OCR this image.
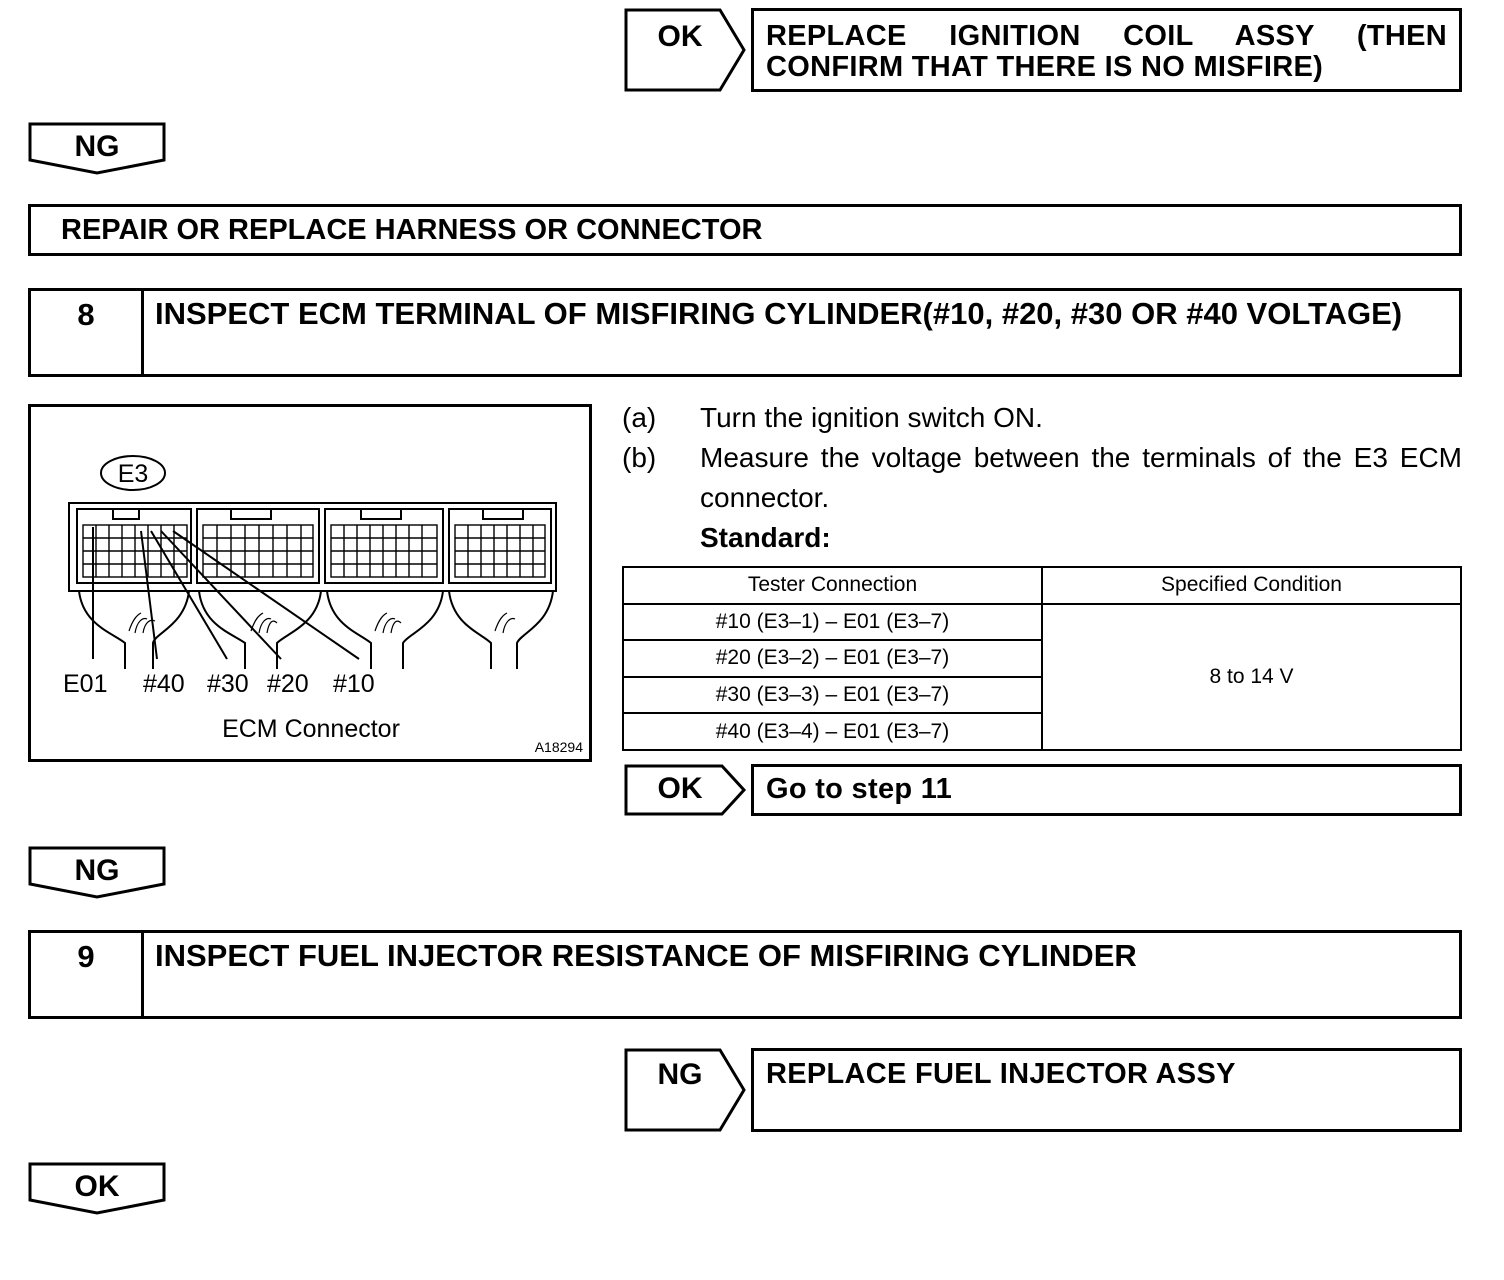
OK	REPLACE IGNITION COIL ASSY (THEN CONFIRM THAT THERE IS NO MISFIRE)
NG
REPAIR OR REPLACE HARNESS OR CONNECTOR
8	INSPECT ECM TERMINAL OF MISFIRING CYLINDER(#10, #20, #30 OR #40 VOLTAGE)
E3
E01 #40 #30 #20 #10
ECM Connector
A18294
(a) Turn the ignition switch ON.
(b) Measure the voltage between the terminals of the E3 ECM connector.
Standard:
Tester Connection	Specified Condition
#10 (E3–1) – E01 (E3–7)	8 to 14 V
#20 (E3–2) – E01 (E3–7)	
#30 (E3–3) – E01 (E3–7)	
#40 (E3–4) – E01 (E3–7)	
OK	Go to step 11
NG
9	INSPECT FUEL INJECTOR RESISTANCE OF MISFIRING CYLINDER
NG	REPLACE FUEL INJECTOR ASSY
OK
